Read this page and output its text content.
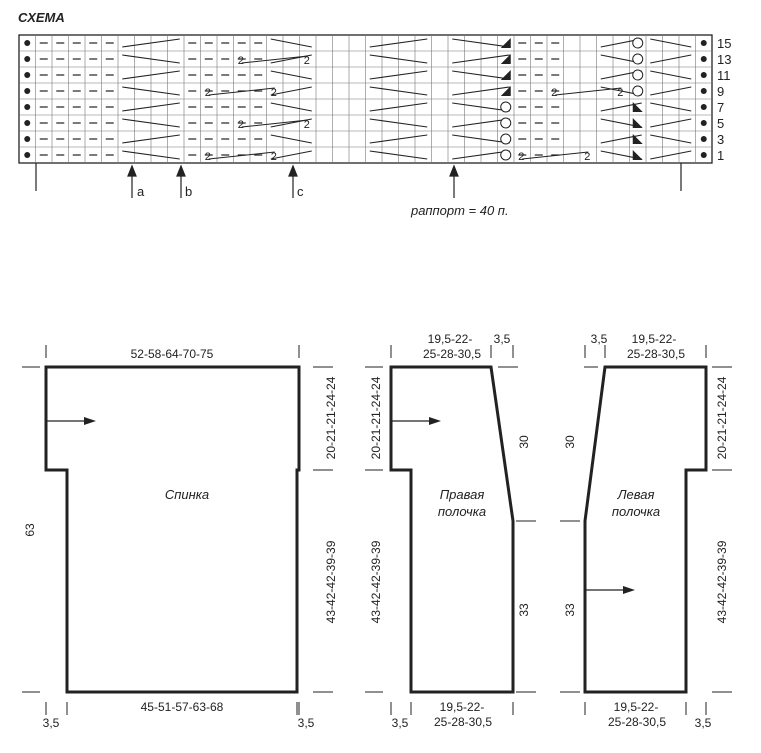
СХЕМА
2	2
2	2	2	2
2	2
2	2	2	2
15
13
11
9
7
5
3
1
a	b	c
раппорт = 40 п.
52-58-64-70-75
Спинка
45-51-57-63-68
3,5	3,5
63
20-21-21-24-24
43-42-42-39-39
19,5-22-
25-28-30,5
3,5
Правая
полочка
20-21-21-24-24
43-42-42-39-39
30
33
19,5-22-
25-28-30,5
3,5
3,5 19,5-22-
25-28-30,5
Левая
полочка
30
33
20-21-21-24-24
43-42-42-39-39
19,5-22-
25-28-30,5 3,5
